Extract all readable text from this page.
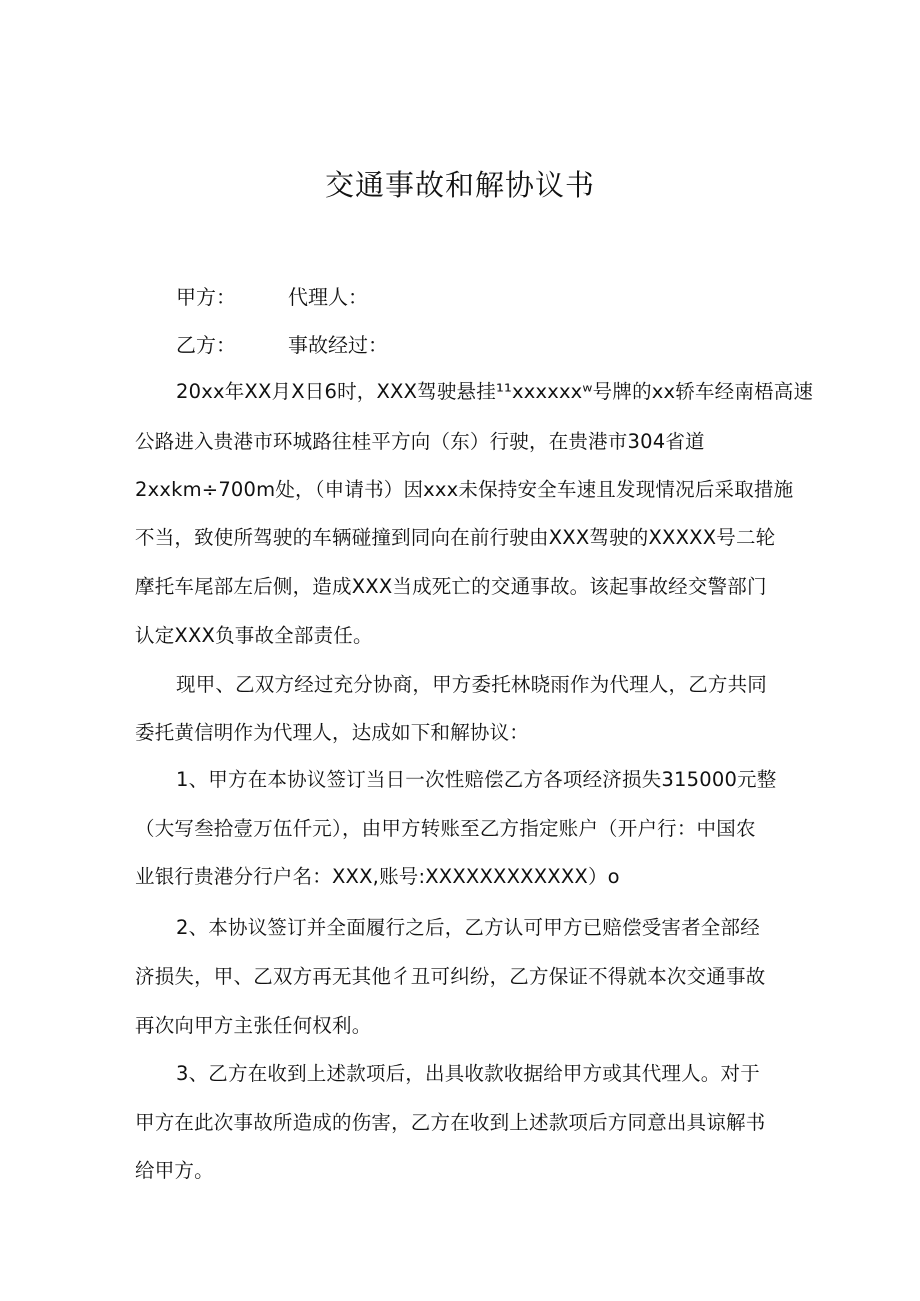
交通事故和解协议书
甲方：	代理人：
乙方：	事故经过：
20xx年XX月X日6时，XXX驾驶悬挂¹¹xxxxxxʷ号牌的xx轿车经南梧高速
公路进入贵港市环城路往桂平方向（东）行驶，在贵港市304省道
2xxkm÷700m处，（申请书）因xxx未保持安全车速且发现情况后采取措施
不当，致使所驾驶的车辆碰撞到同向在前行驶由XXX驾驶的XXXXX号二轮
摩托车尾部左后侧，造成XXX当成死亡的交通事故。该起事故经交警部门
认定XXX负事故全部责任。
现甲、乙双方经过充分协商，甲方委托林晓雨作为代理人，乙方共同
委托黄信明作为代理人，达成如下和解协议：
1、甲方在本协议签订当日一次性赔偿乙方各项经济损失315000元整
（大写叁拾壹万伍仟元），由甲方转账至乙方指定账户（开户行：中国农
业银行贵港分行户名：XXX,账号:XXXXXXXXXXXX）o
2、本协议签订并全面履行之后，乙方认可甲方已赔偿受害者全部经
济损失，甲、乙双方再无其他彳丑可纠纷，乙方保证不得就本次交通事故
再次向甲方主张任何权利。
3、乙方在收到上述款项后，出具收款收据给甲方或其代理人。对于
甲方在此次事故所造成的伤害，乙方在收到上述款项后方同意出具谅解书
给甲方。
